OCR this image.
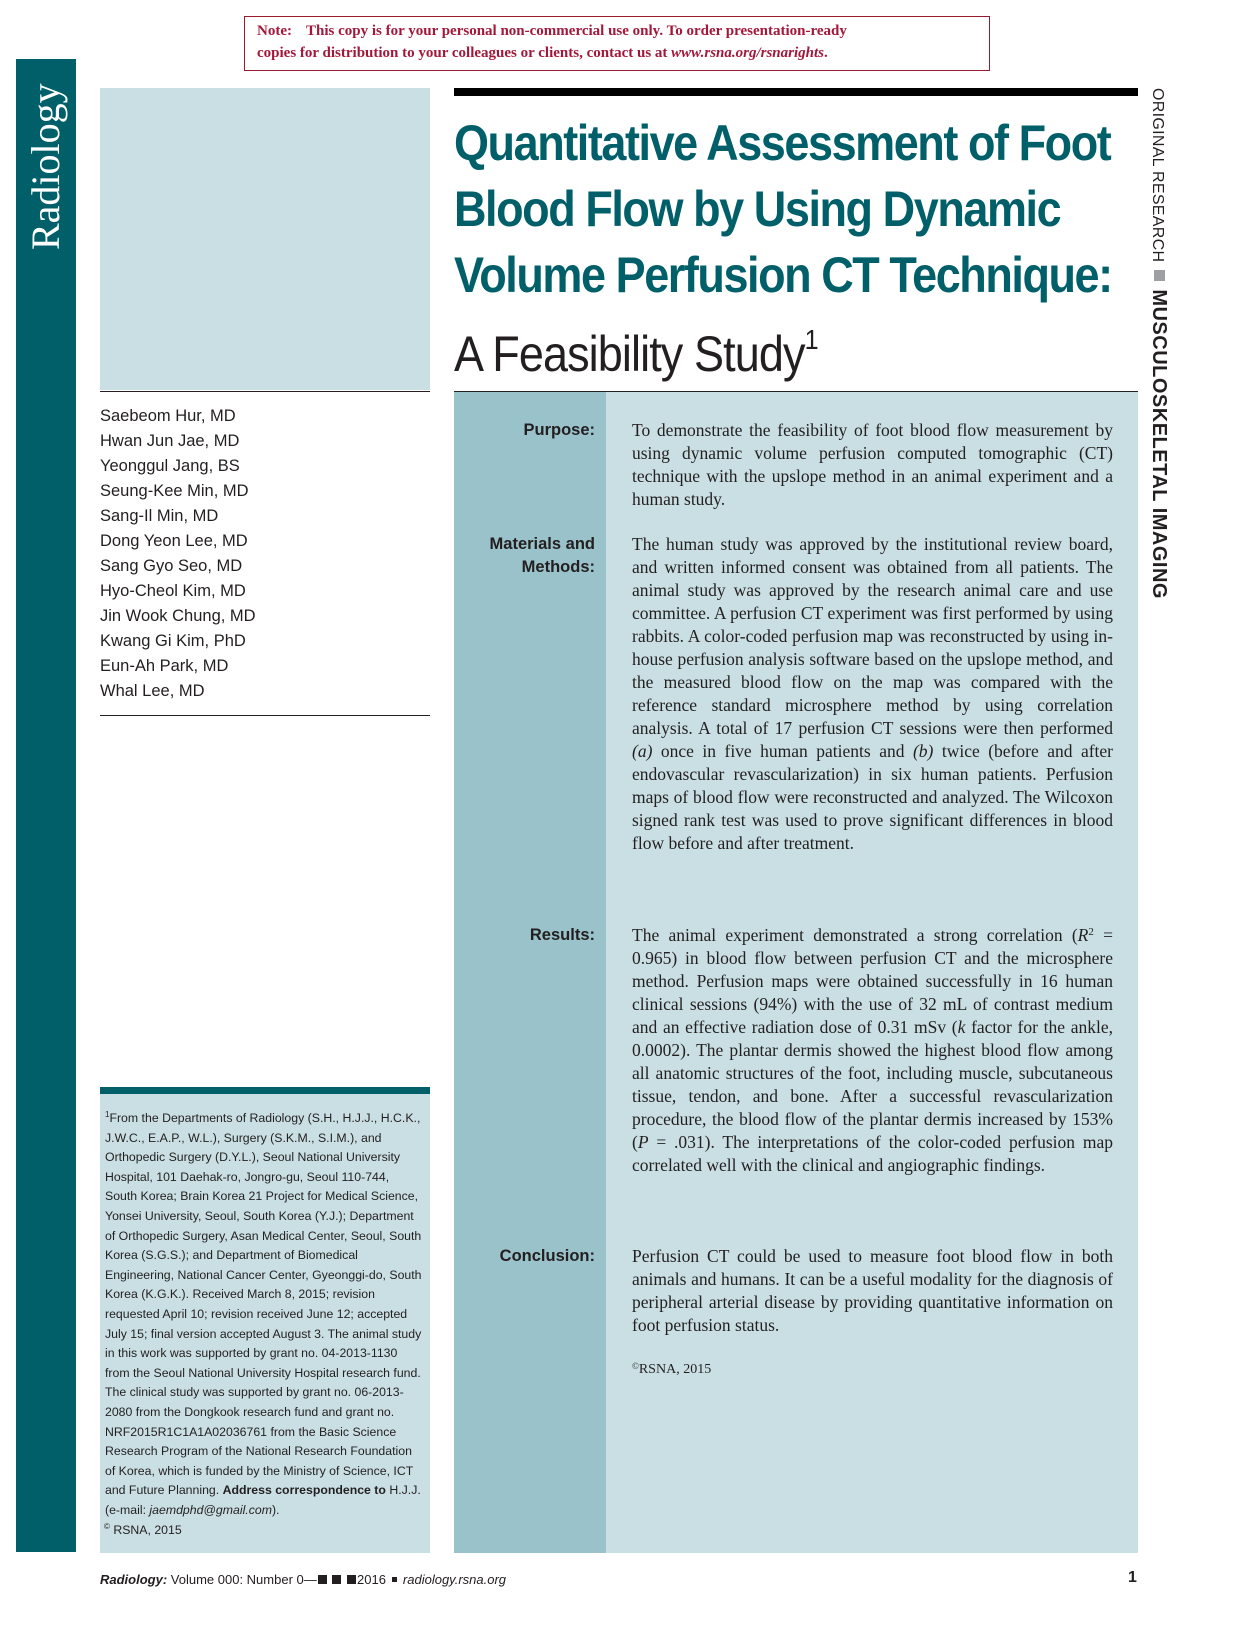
Note: This copy is for your personal non-commercial use only. To order presentation-ready
copies for distribution to your colleagues or clients, contact us at www.rsna.org/rsnarights.
Radiology
Saebeom Hur, MD
Hwan Jun Jae, MD
Yeonggul Jang, BS
Seung-Kee Min, MD
Sang-Il Min, MD
Dong Yeon Lee, MD
Sang Gyo Seo, MD
Hyo-Cheol Kim, MD
Jin Wook Chung, MD
Kwang Gi Kim, PhD
Eun-Ah Park, MD
Whal Lee, MD

$^1$From the Departments of Radiology (S.H., H.J.J., H.C.K., J.W.C., E.A.P., W.L.), Surgery (S.K.M., S.I.M.), and Orthopedic Surgery (D.Y.L.), Seoul National University Hospital, 101 Daehak-ro, Jongro-gu, Seoul 110-744, South Korea; Brain Korea 21 Project for Medical Science, Yonsei University, Seoul, South Korea (Y.J.); Department of Orthopedic Surgery, Asan Medical Center, Seoul, South Korea (S.G.S.); and Department of Biomedical Engineering, National Cancer Center, Gyeonggi-do, South Korea (K.G.K.). Received March 8, 2015; revision requested April 10; revision received June 12; accepted July 15; final version accepted August 3. The animal study in this work was supported by grant no. 04-2013-1130 from the Seoul National University Hospital research fund. The clinical study was supported by grant no. 06-2013-2080 from the Dongkook research fund and grant no. NRF2015R1C1A1A02036761 from the Basic Science Research Program of the National Research Foundation of Korea, which is funded by the Ministry of Science, ICT and Future Planning. Address correspondence to H.J.J. (e-mail: jaemdphd@gmail.com).

© RSNA, 2015
Quantitative Assessment of Foot
Blood Flow by Using Dynamic
Volume Perfusion CT Technique:
A Feasibility Study$^1$
Purpose: To demonstrate the feasibility of foot blood flow measurement by using dynamic volume perfusion computed tomographic (CT) technique with the upslope method in an animal experiment and a human study.
Materials and
Methods:
The human study was approved by the institutional review board, and written informed consent was obtained from all patients. The animal study was approved by the research animal care and use committee. A perfusion CT experiment was first performed by using rabbits. A color-coded perfusion map was reconstructed by using in-house perfusion analysis software based on the upslope method, and the measured blood flow on the map was compared with the reference standard microsphere method by using correlation analysis. A total of 17 perfusion CT sessions were then performed (a) once in five human patients and (b) twice (before and after endovascular revascularization) in six human patients. Perfusion maps of blood flow were reconstructed and analyzed. The Wilcoxon signed rank test was used to prove significant differences in blood flow before and after treatment.
Results: The animal experiment demonstrated a strong correlation $(R^2 = 0.965)$ in blood flow between perfusion CT and the microsphere method. Perfusion maps were obtained successfully in 16 human clinical sessions (94%) with the use of 32 mL of contrast medium and an effective radiation dose of 0.31 mSv (k factor for the ankle, 0.0002). The plantar dermis showed the highest blood flow among all anatomic structures of the foot, including muscle, subcutaneous tissue, tendon, and bone. After a successful revascularization procedure, the blood flow of the plantar dermis increased by 153% (P = .031). The interpretations of the color-coded perfusion map correlated well with the clinical and angiographic findings.
Conclusion: Perfusion CT could be used to measure foot blood flow in both animals and humans. It can be a useful modality for the diagnosis of peripheral arterial disease by providing quantitative information on foot perfusion status.
©RSNA, 2015
ORIGINAL RESEARCHMUSCULOSKELETAL IMAGING
Radiology: Volume 000: Number 0—	2016 radiology.rsna.org	1
